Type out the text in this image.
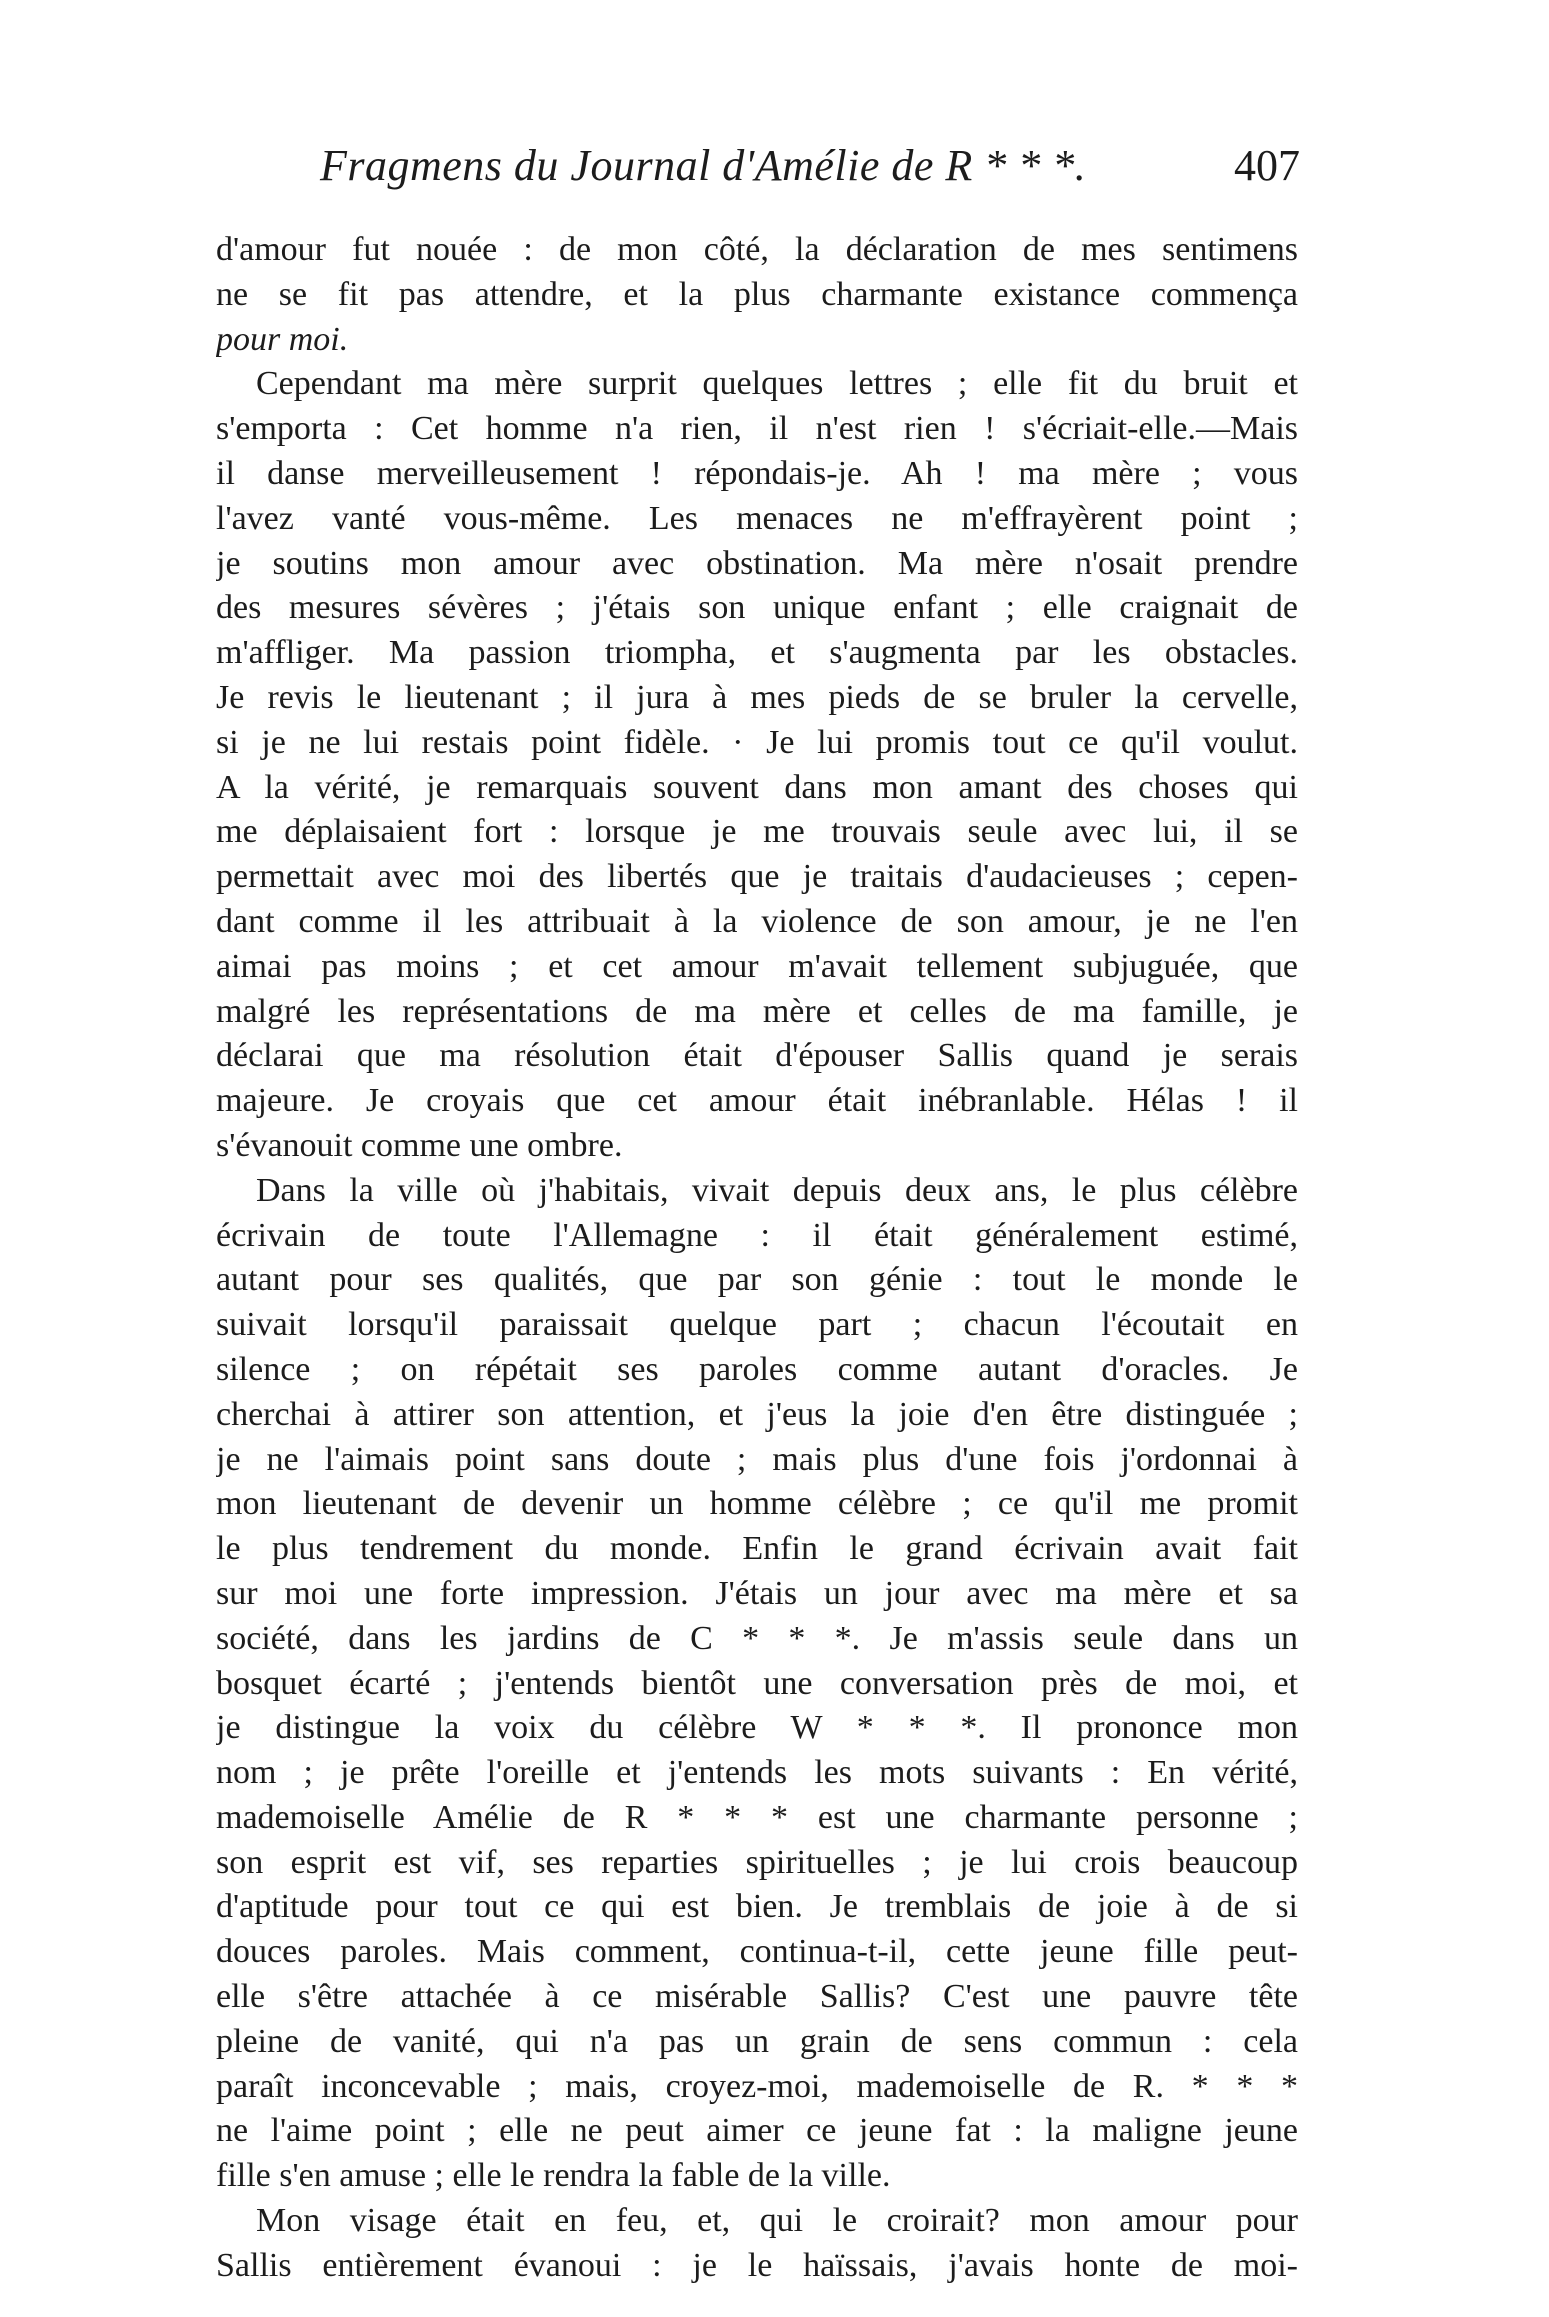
Fragmens du Journal d'Amélie de R * * *.	407
d'amour fut nouée : de mon côté, la déclaration de mes sentimens
ne se fit pas attendre, et la plus charmante existance commença
pour moi.
Cependant ma mère surprit quelques lettres ; elle fit du bruit et
s'emporta : Cet homme n'a rien, il n'est rien ! s'écriait-elle.—Mais
il danse merveilleusement ! répondais-je. Ah ! ma mère ; vous
l'avez vanté vous-même. Les menaces ne m'effrayèrent point ;
je soutins mon amour avec obstination. Ma mère n'osait prendre
des mesures sévères ; j'étais son unique enfant ; elle craignait de
m'affliger. Ma passion triompha, et s'augmenta par les obstacles.
Je revis le lieutenant ; il jura à mes pieds de se bruler la cervelle,
si je ne lui restais point fidèle. · Je lui promis tout ce qu'il voulut.
A la vérité, je remarquais souvent dans mon amant des choses qui
me déplaisaient fort : lorsque je me trouvais seule avec lui, il se
permettait avec moi des libertés que je traitais d'audacieuses ; cepen-
dant comme il les attribuait à la violence de son amour, je ne l'en
aimai pas moins ; et cet amour m'avait tellement subjuguée, que
malgré les représentations de ma mère et celles de ma famille, je
déclarai que ma résolution était d'épouser Sallis quand je serais
majeure. Je croyais que cet amour était inébranlable. Hélas ! il
s'évanouit comme une ombre.
Dans la ville où j'habitais, vivait depuis deux ans, le plus célèbre
écrivain de toute l'Allemagne : il était généralement estimé,
autant pour ses qualités, que par son génie : tout le monde le
suivait lorsqu'il paraissait quelque part ; chacun l'écoutait en
silence ; on répétait ses paroles comme autant d'oracles. Je
cherchai à attirer son attention, et j'eus la joie d'en être distinguée ;
je ne l'aimais point sans doute ; mais plus d'une fois j'ordonnai à
mon lieutenant de devenir un homme célèbre ; ce qu'il me promit
le plus tendrement du monde. Enfin le grand écrivain avait fait
sur moi une forte impression. J'étais un jour avec ma mère et sa
société, dans les jardins de C * * *. Je m'assis seule dans un
bosquet écarté ; j'entends bientôt une conversation près de moi, et
je distingue la voix du célèbre W * * *. Il prononce mon
nom ; je prête l'oreille et j'entends les mots suivants : En vérité,
mademoiselle Amélie de R * * * est une charmante personne ;
son esprit est vif, ses reparties spirituelles ; je lui crois beaucoup
d'aptitude pour tout ce qui est bien. Je tremblais de joie à de si
douces paroles. Mais comment, continua-t-il, cette jeune fille peut-
elle s'être attachée à ce misérable Sallis? C'est une pauvre tête
pleine de vanité, qui n'a pas un grain de sens commun : cela
paraît inconcevable ; mais, croyez-moi, mademoiselle de R. * * *
ne l'aime point ; elle ne peut aimer ce jeune fat : la maligne jeune
fille s'en amuse ; elle le rendra la fable de la ville.
Mon visage était en feu, et, qui le croirait? mon amour pour
Sallis entièrement évanoui : je le haïssais, j'avais honte de moi-
